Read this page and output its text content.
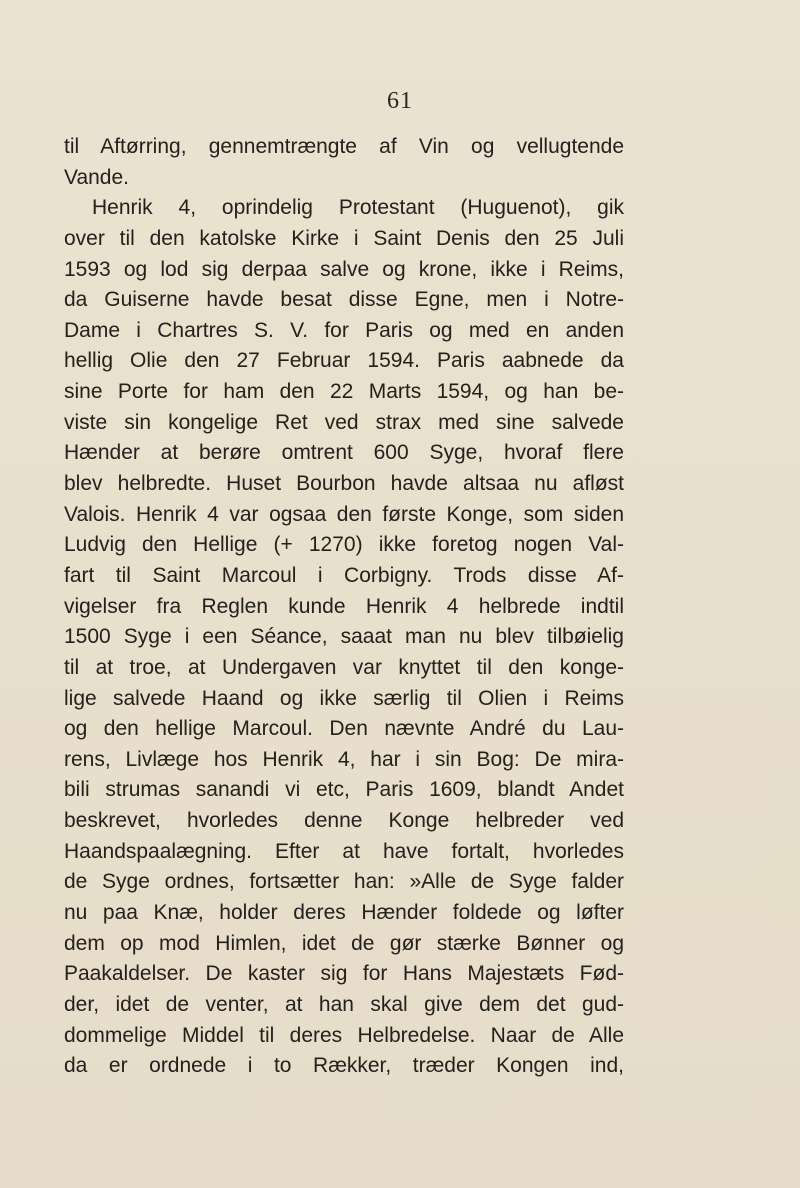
61
til Aftørring, gennemtrængte af Vin og vellugtende
Vande.
Henrik 4, oprindelig Protestant (Huguenot), gik
over til den katolske Kirke i Saint Denis den 25 Juli
1593 og lod sig derpaa salve og krone, ikke i Reims,
da Guiserne havde besat disse Egne, men i Notre-
Dame i Chartres S. V. for Paris og med en anden
hellig Olie den 27 Februar 1594. Paris aabnede da
sine Porte for ham den 22 Marts 1594, og han be-
viste sin kongelige Ret ved strax med sine salvede
Hænder at berøre omtrent 600 Syge, hvoraf flere
blev helbredte. Huset Bourbon havde altsaa nu afløst
Valois. Henrik 4 var ogsaa den første Konge, som siden
Ludvig den Hellige (+ 1270) ikke foretog nogen Val-
fart til Saint Marcoul i Corbigny. Trods disse Af-
vigelser fra Reglen kunde Henrik 4 helbrede indtil
1500 Syge i een Séance, saaat man nu blev tilbøielig
til at troe, at Undergaven var knyttet til den konge-
lige salvede Haand og ikke særlig til Olien i Reims
og den hellige Marcoul. Den nævnte André du Lau-
rens, Livlæge hos Henrik 4, har i sin Bog: De mira-
bili strumas sanandi vi etc, Paris 1609, blandt Andet
beskrevet, hvorledes denne Konge helbreder ved
Haandspaalægning. Efter at have fortalt, hvorledes
de Syge ordnes, fortsætter han: »Alle de Syge falder
nu paa Knæ, holder deres Hænder foldede og løfter
dem op mod Himlen, idet de gør stærke Bønner og
Paakaldelser. De kaster sig for Hans Majestæts Fød-
der, idet de venter, at han skal give dem det gud-
dommelige Middel til deres Helbredelse. Naar de Alle
da er ordnede i to Rækker, træder Kongen ind,
